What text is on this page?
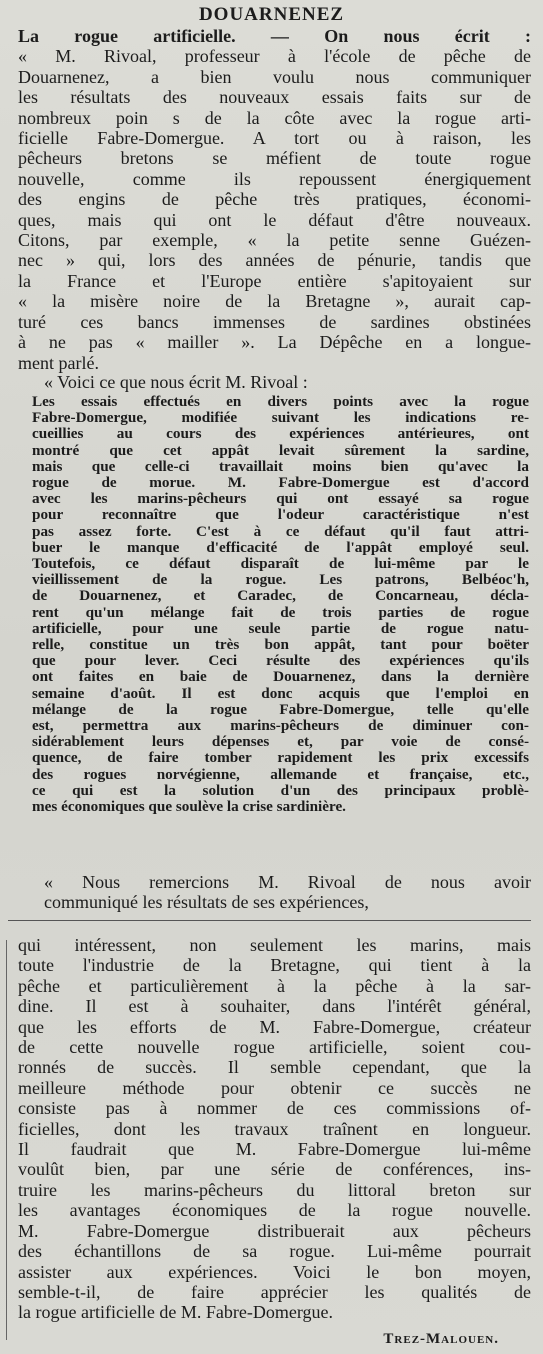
DOUARNENEZ
La rogue artificielle. — On nous écrit :
« M. Rivoal, professeur à l'école de pêche de
Douarnenez, a bien voulu nous communiquer
les résultats des nouveaux essais faits sur de
nombreux poin s de la côte avec la rogue arti-
ficielle Fabre-Domergue. A tort ou à raison, les
pêcheurs bretons se méfient de toute rogue
nouvelle, comme ils repoussent énergiquement
des engins de pêche très pratiques, économi-
ques, mais qui ont le défaut d'être nouveaux.
Citons, par exemple, « la petite senne Guézen-
nec » qui, lors des années de pénurie, tandis que
la France et l'Europe entière s'apitoyaient sur
« la misère noire de la Bretagne », aurait cap-
turé ces bancs immenses de sardines obstinées
à ne pas « mailler ». La Dépêche en a longue-
ment parlé.
« Voici ce que nous écrit M. Rivoal :
Les essais effectués en divers points avec la rogue
Fabre-Domergue, modifiée suivant les indications re-
cueillies au cours des expériences antérieures, ont
montré que cet appât levait sûrement la sardine,
mais que celle-ci travaillait moins bien qu'avec la
rogue de morue. M. Fabre-Domergue est d'accord
avec les marins-pêcheurs qui ont essayé sa rogue
pour reconnaître que l'odeur caractéristique n'est
pas assez forte. C'est à ce défaut qu'il faut attri-
buer le manque d'efficacité de l'appât employé seul.
Toutefois, ce défaut disparaît de lui-même par le
vieillissement de la rogue. Les patrons, Belbéoc'h,
de Douarnenez, et Caradec, de Concarneau, décla-
rent qu'un mélange fait de trois parties de rogue
artificielle, pour une seule partie de rogue natu-
relle, constitue un très bon appât, tant pour boëter
que pour lever. Ceci résulte des expériences qu'ils
ont faites en baie de Douarnenez, dans la dernière
semaine d'août. Il est donc acquis que l'emploi en
mélange de la rogue Fabre-Domergue, telle qu'elle
est, permettra aux marins-pêcheurs de diminuer con-
sidérablement leurs dépenses et, par voie de consé-
quence, de faire tomber rapidement les prix excessifs
des rogues norvégienne, allemande et française, etc.,
ce qui est la solution d'un des principaux problè-
mes économiques que soulève la crise sardinière.
« Nous remercions M. Rivoal de nous avoir
communiqué les résultats de ses expériences,
qui intéressent, non seulement les marins, mais
toute l'industrie de la Bretagne, qui tient à la
pêche et particulièrement à la pêche à la sar-
dine. Il est à souhaiter, dans l'intérêt général,
que les efforts de M. Fabre-Domergue, créateur
de cette nouvelle rogue artificielle, soient cou-
ronnés de succès. Il semble cependant, que la
meilleure méthode pour obtenir ce succès ne
consiste pas à nommer de ces commissions of-
ficielles, dont les travaux traînent en longueur.
Il faudrait que M. Fabre-Domergue lui-même
voulût bien, par une série de conférences, ins-
truire les marins-pêcheurs du littoral breton sur
les avantages économiques de la rogue nouvelle.
M. Fabre-Domergue distribuerait aux pêcheurs
des échantillons de sa rogue. Lui-même pourrait
assister aux expériences. Voici le bon moyen,
semble-t-il, de faire apprécier les qualités de
la rogue artificielle de M. Fabre-Domergue.
Trez-Malouen.
